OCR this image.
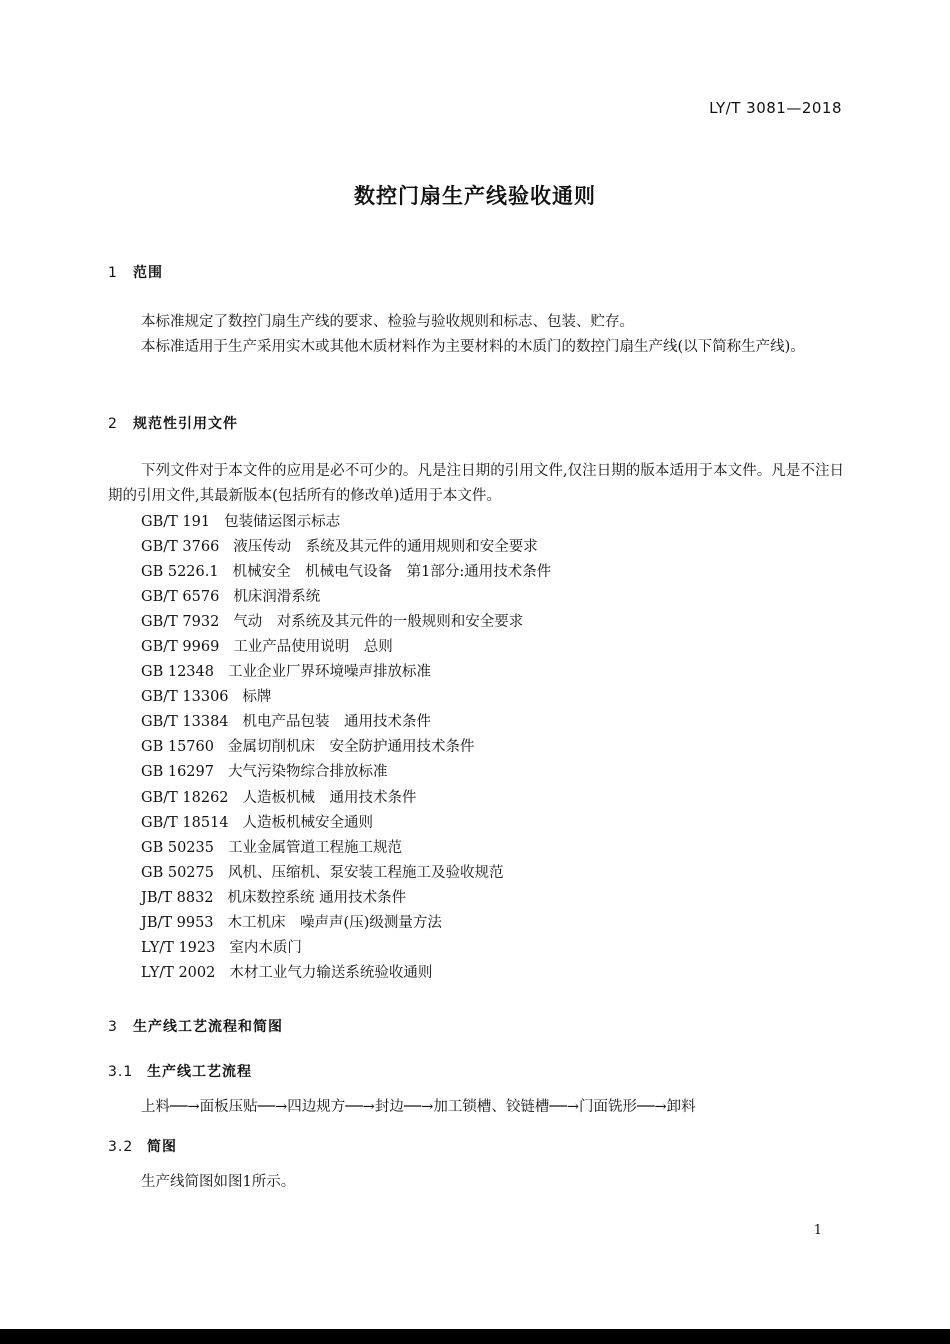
LY/T 3081—2018
数控门扇生产线验收通则
1 范围
本标准规定了数控门扇生产线的要求、检验与验收规则和标志、包装、贮存。
本标准适用于生产采用实木或其他木质材料作为主要材料的木质门的数控门扇生产线(以下简称生产线)。
2 规范性引用文件
下列文件对于本文件的应用是必不可少的。凡是注日期的引用文件,仅注日期的版本适用于本文件。凡是不注日期的引用文件,其最新版本(包括所有的修改单)适用于本文件。
GB/T 191 包装储运图示标志
GB/T 3766 液压传动　系统及其元件的通用规则和安全要求
GB 5226.1 机械安全　机械电气设备　第1部分:通用技术条件
GB/T 6576 机床润滑系统
GB/T 7932 气动　对系统及其元件的一般规则和安全要求
GB/T 9969 工业产品使用说明　总则
GB 12348 工业企业厂界环境噪声排放标准
GB/T 13306 标牌
GB/T 13384 机电产品包装　通用技术条件
GB 15760 金属切削机床　安全防护通用技术条件
GB 16297 大气污染物综合排放标准
GB/T 18262 人造板机械　通用技术条件
GB/T 18514 人造板机械安全通则
GB 50235 工业金属管道工程施工规范
GB 50275 风机、压缩机、泵安装工程施工及验收规范
JB/T 8832 机床数控系统 通用技术条件
JB/T 9953 木工机床　噪声声(压)级测量方法
LY/T 1923 室内木质门
LY/T 2002 木材工业气力输送系统验收通则
3 生产线工艺流程和简图
3.1 生产线工艺流程
上料──→面板压贴──→四边规方──→封边──→加工锁槽、铰链槽──→门面铣形──→卸料
3.2 简图
生产线简图如图1所示。
1
